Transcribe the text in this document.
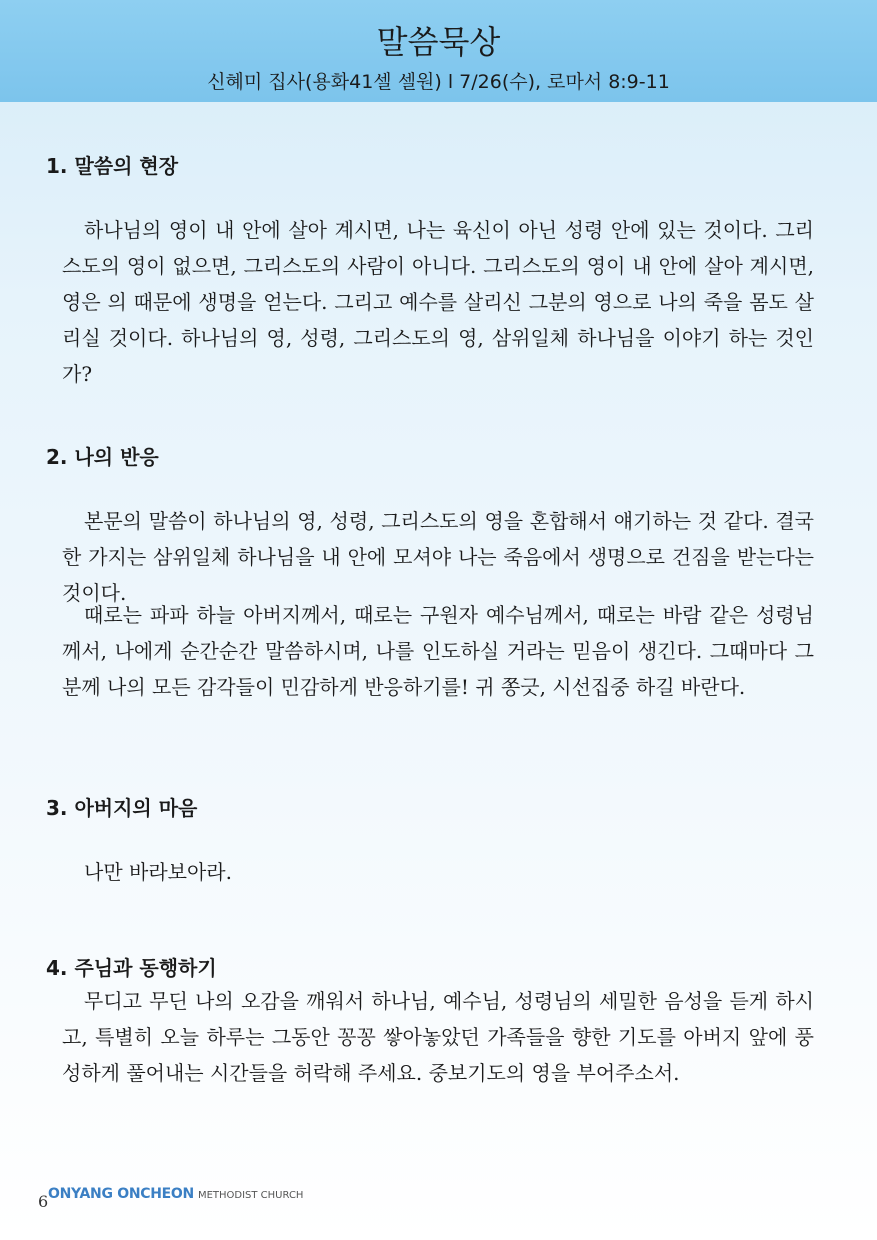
말씀묵상
신혜미 집사(용화41셀 셀원) l 7/26(수), 로마서 8:9-11
1. 말씀의 현장

하나님의 영이 내 안에 살아 계시면, 나는 육신이 아닌 성령 안에 있는 것이다. 그리스도의 영이 없으면, 그리스도의 사람이 아니다. 그리스도의 영이 내 안에 살아 계시면, 영은 의 때문에 생명을 얻는다. 그리고 예수를 살리신 그분의 영으로 나의 죽을 몸도 살리실 것이다. 하나님의 영, 성령, 그리스도의 영, 삼위일체 하나님을 이야기 하는 것인가?

2. 나의 반응

본문의 말씀이 하나님의 영, 성령, 그리스도의 영을 혼합해서 얘기하는 것 같다. 결국 한 가지는 삼위일체 하나님을 내 안에 모셔야 나는 죽음에서 생명으로 건짐을 받는다는 것이다.

때로는 파파 하늘 아버지께서, 때로는 구원자 예수님께서, 때로는 바람 같은 성령님께서, 나에게 순간순간 말씀하시며, 나를 인도하실 거라는 믿음이 생긴다. 그때마다 그분께 나의 모든 감각들이 민감하게 반응하기를! 귀 쫑긋, 시선집중 하길 바란다.

3. 아버지의 마음

나만 바라보아라.

4. 주님과 동행하기

무디고 무딘 나의 오감을 깨워서 하나님, 예수님, 성령님의 세밀한 음성을 듣게 하시고, 특별히 오늘 하루는 그동안 꽁꽁 쌓아놓았던 가족들을 향한 기도를 아버지 앞에 풍성하게 풀어내는 시간들을 허락해 주세요. 중보기도의 영을 부어주소서.

ONYANG ONCHEON METHODIST CHURCH
6
